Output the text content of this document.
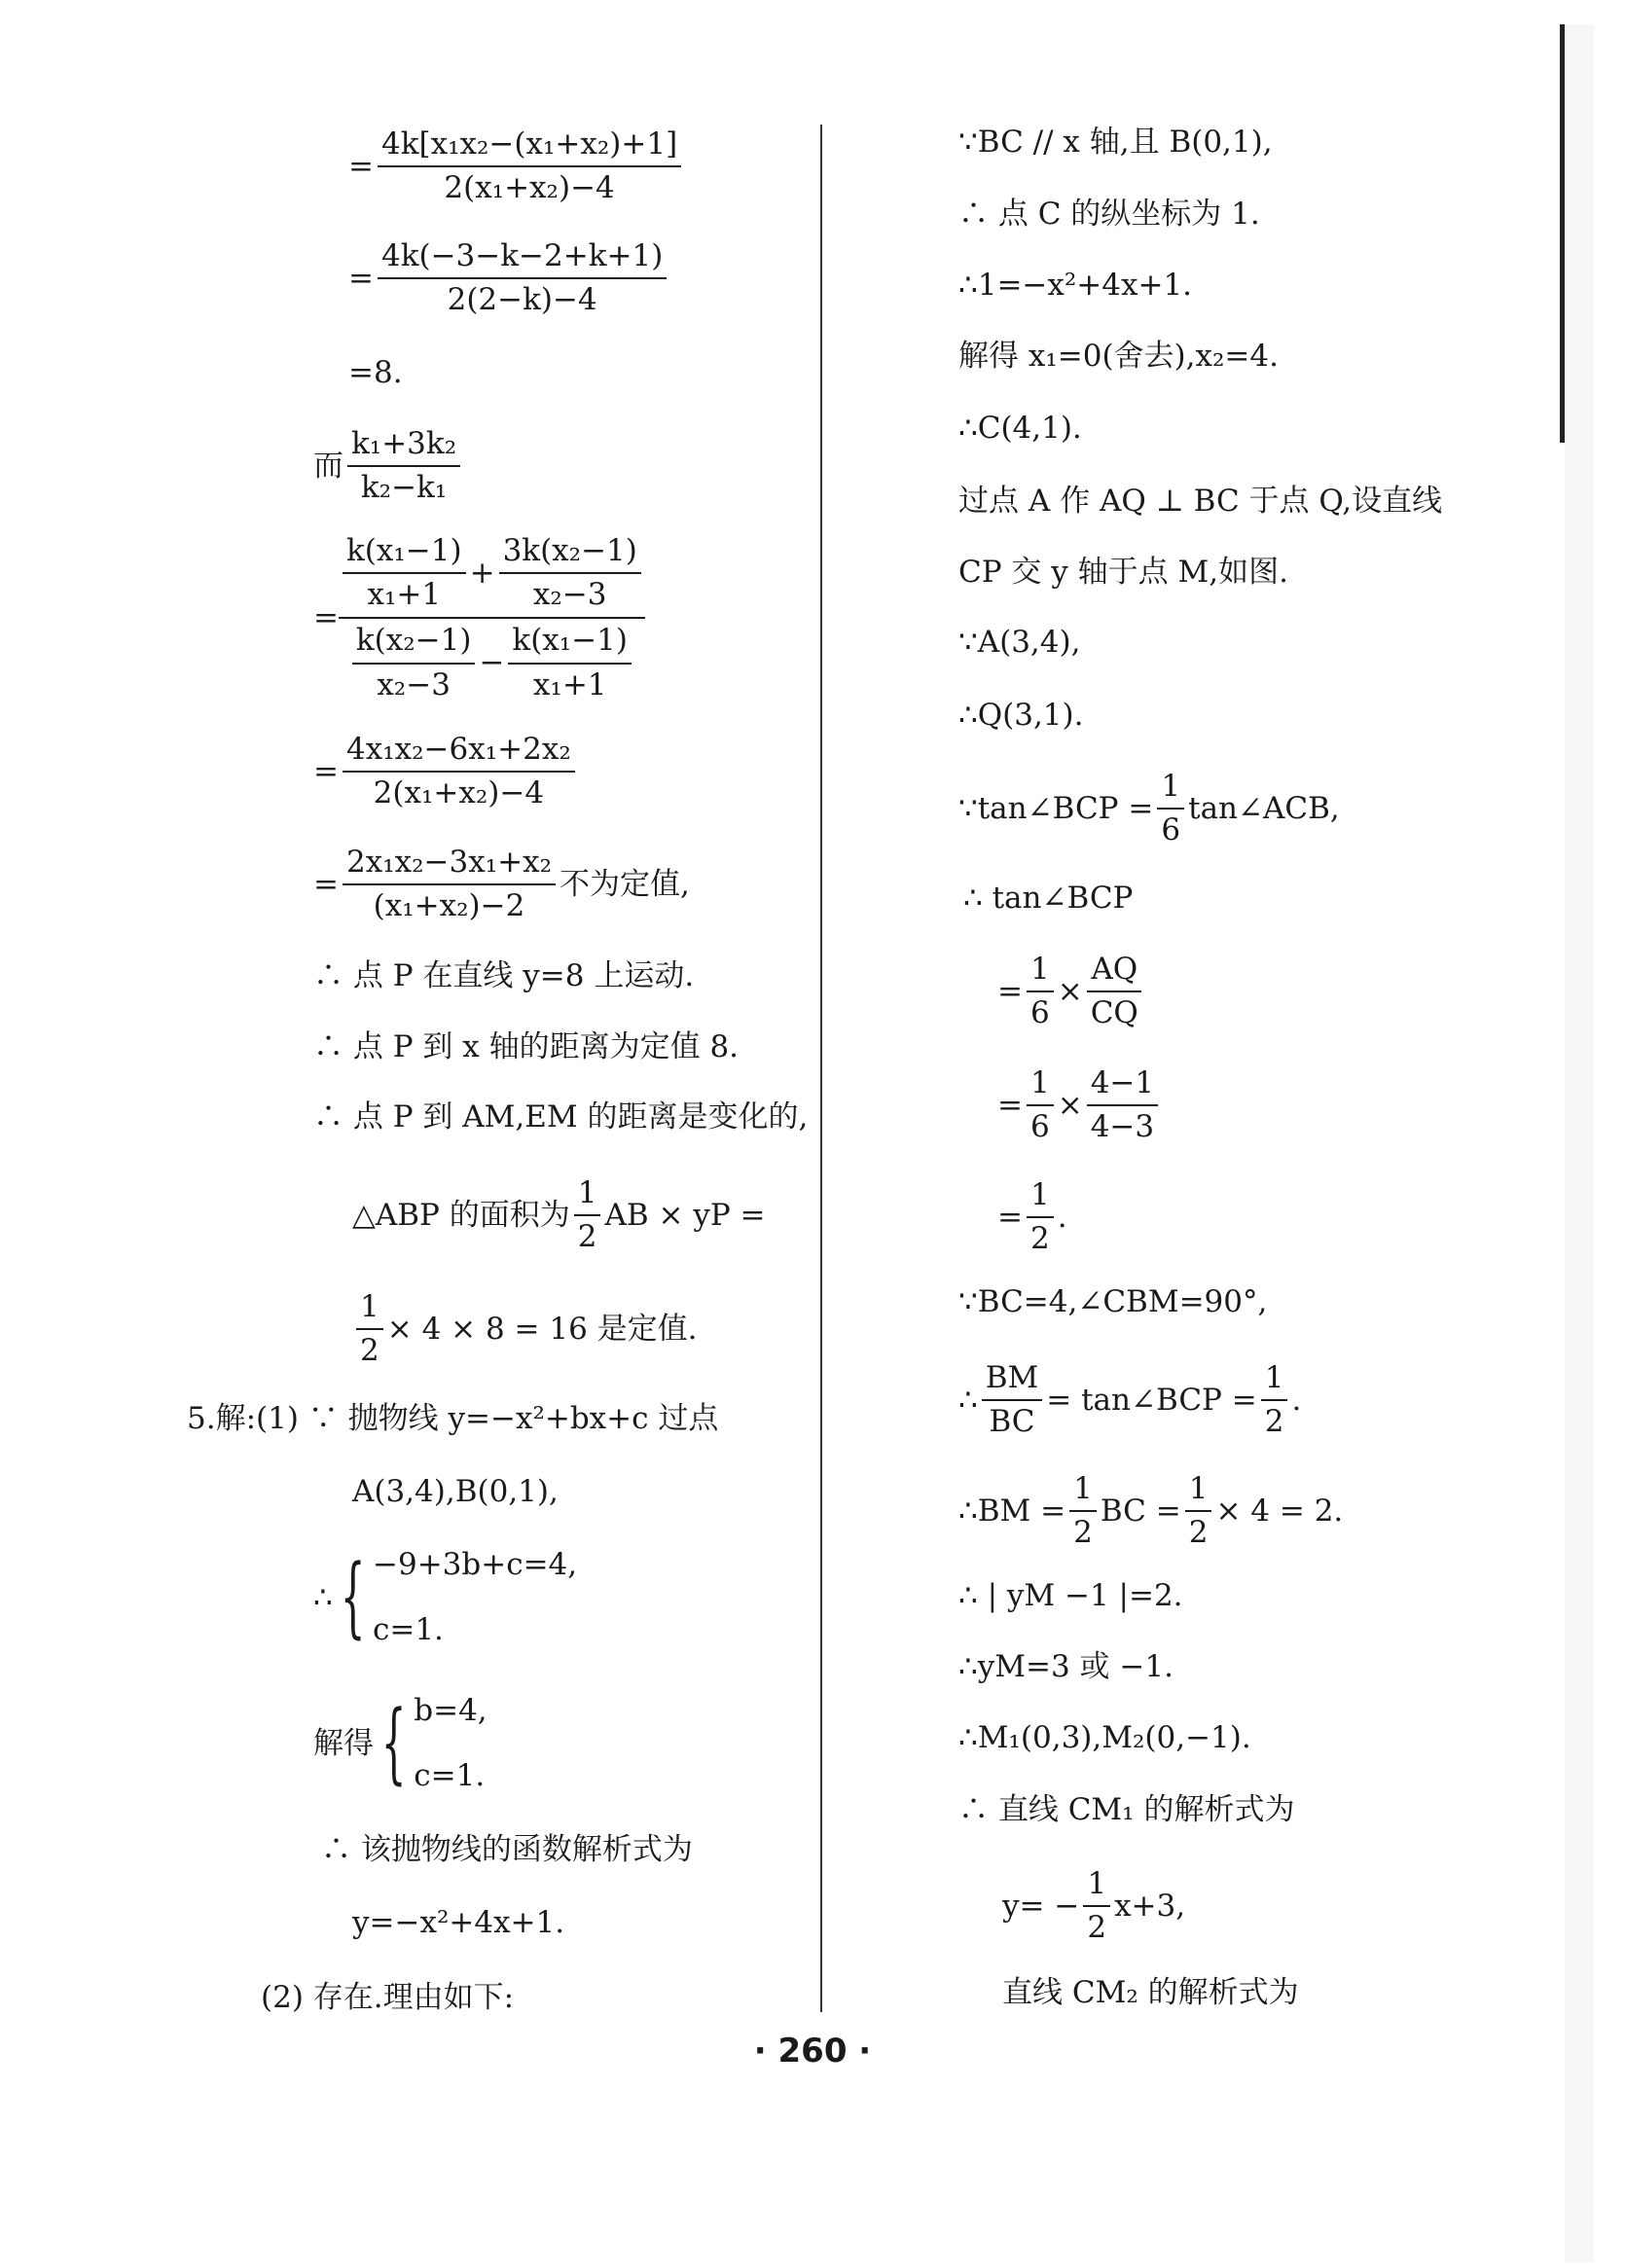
= $\frac{\text{4k[x₁x₂−(x₁+x₂)+1]}}{\text{2(x₁+x₂)−4}}$
= $\frac{4k(-3-k-2+k+1)}{2(2-k)-4}$
=8.
而 $\frac{\text{k₁+3k₂}}{\text{k₂−k₁}}$
= $\frac{\frac{\text{k(x₁−1)}}{\text{x₁+1}} + \frac{\text{3k(x₂−1)}}{\text{x₂−3}}}{\frac{\text{k(x₂−1)}}{\text{x₂−3}} - \frac{\text{k(x₁−1)}}{\text{x₁+1}}}$
= $\frac{\text{4x₁x₂−6x₁+2x₂}}{\text{2(x₁+x₂)−4}}$
= $\frac{\text{2x₁x₂−3x₁+x₂}}{\text{(x₁+x₂)−2}}$ 不为定值,
∴ 点 P 在直线 y=8 上运动.
∴ 点 P 到 x 轴的距离为定值 8.
∴ 点 P 到 AM,EM 的距离是变化的,
△ABP 的面积为 $\frac{1}{2}$ AB × yP =
$\frac{1}{2} \times 4 \times 8 = 16$ 是定值.
5.解:(1) ∵ 抛物线 y=−x²+bx+c 过点
A(3,4),B(0,1),
∴ { −9+3b+c=4,
c=1.
解得 { b=4,
c=1.
∴ 该抛物线的函数解析式为
y=−x²+4x+1.
(2) 存在.理由如下:
∵BC // x 轴,且 B(0,1),
∴ 点 C 的纵坐标为 1.
∴1=−x²+4x+1.
解得 x₁=0(舍去),x₂=4.
∴C(4,1).
过点 A 作 AQ ⊥ BC 于点 Q,设直线
CP 交 y 轴于点 M,如图.
∵A(3,4),
∴Q(3,1).
∵tan∠BCP = $\frac{1}{6}$ tan∠ACB,
∴ tan∠BCP
= $\frac{1}{6} \times \frac{AQ}{CQ}$
= $\frac{1}{6} \times \frac{4-1}{4-3}$
= $\frac{1}{2}$ .
∵BC=4,∠CBM=90°,
∴ $\frac{BM}{BC}$ = tan∠BCP = $\frac{1}{2}$ .
∴BM = $\frac{1}{2}$ BC = $\frac{1}{2} \times 4 = 2$.
∴ | yM −1 |=2.
∴yM=3 或 −1.
∴M₁(0,3),M₂(0,−1).
∴ 直线 CM₁ 的解析式为
$y= - \frac{1}{2} x+3$,
直线 CM₂ 的解析式为
· 260 ·
